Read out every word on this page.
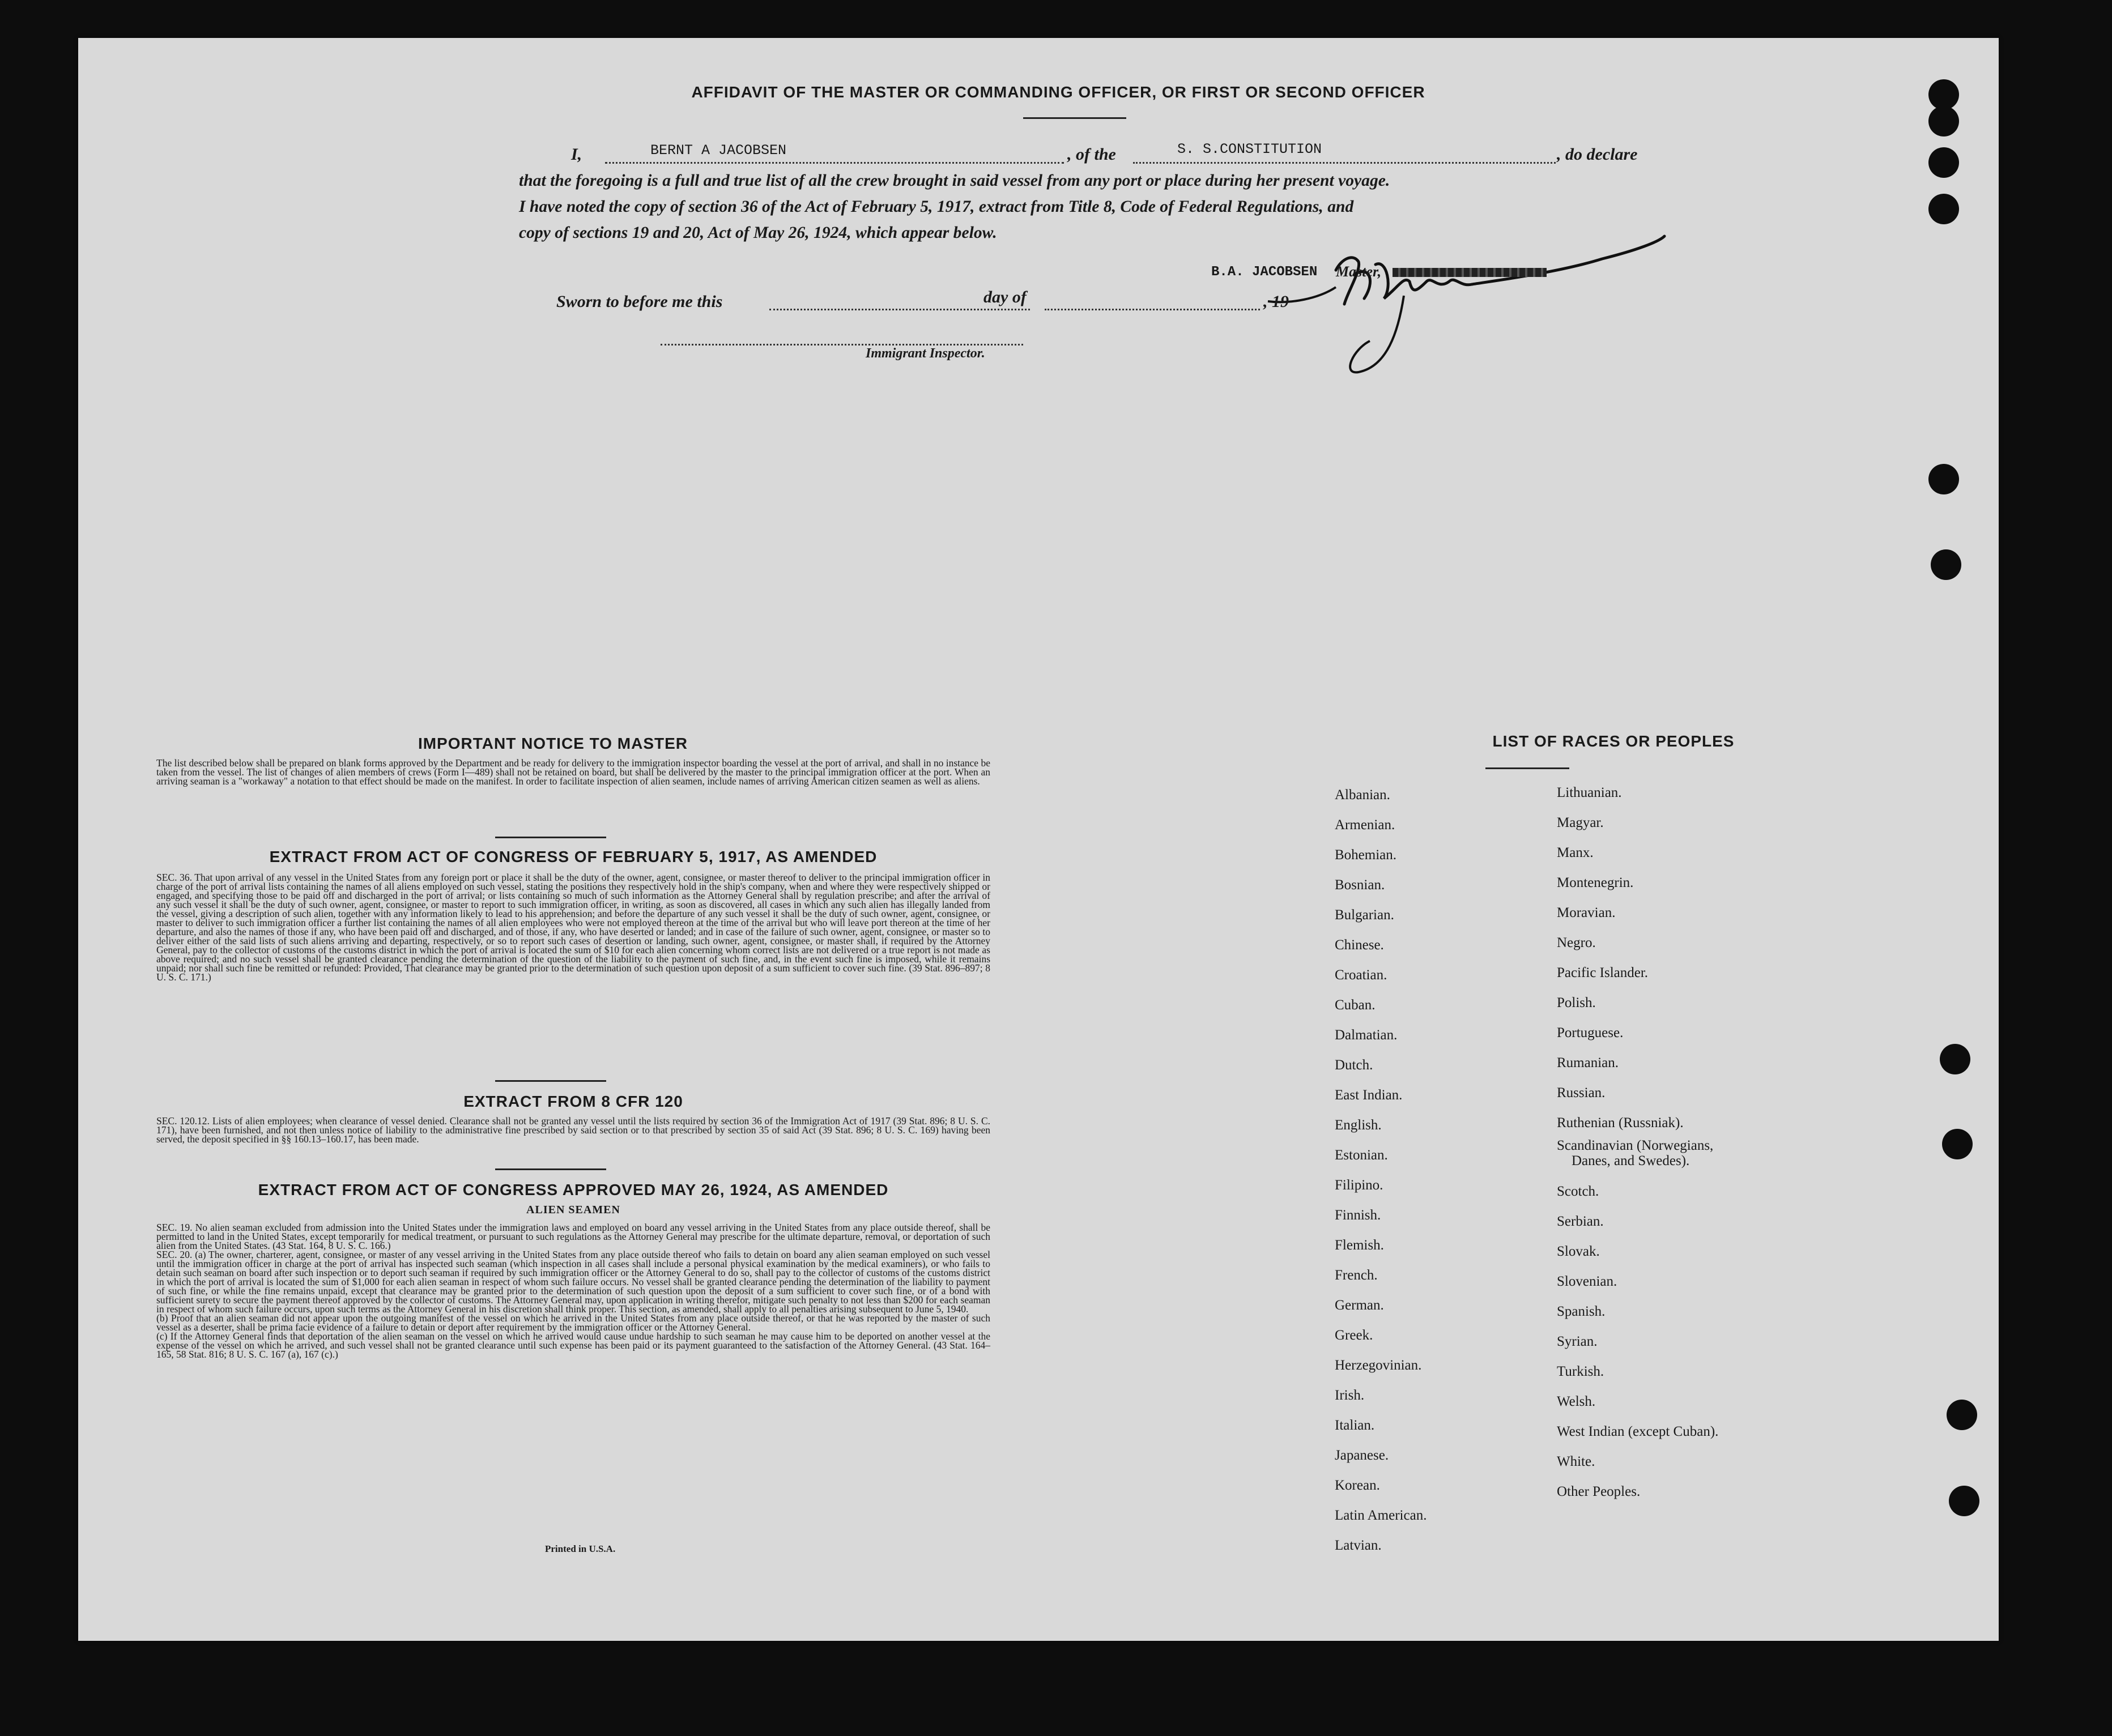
AFFIDAVIT OF THE MASTER OR COMMANDING OFFICER, OR FIRST OR SECOND OFFICER
I,	BERNT A JACOBSEN	, of the	S. S.CONSTITUTION	, do declare
that the foregoing is a full and true list of all the crew brought in said vessel from any port or place during her present voyage.
I have noted the copy of section 36 of the Act of February 5, 1917, extract from Title 8, Code of Federal Regulations, and
copy of sections 19 and 20, Act of May 26, 1924, which appear below.
B.A. JACOBSEN Master,
Sworn to before me this	day of	, 19
Immigrant Inspector.
IMPORTANT NOTICE TO MASTER
The list described below shall be prepared on blank forms approved by the Department and be ready for delivery to the immigration inspector boarding the vessel at the port of arrival, and shall in no instance be taken from the vessel. The list of changes of alien members of crews (Form I—489) shall not be retained on board, but shall be delivered by the master to the principal immigration officer at the port. When an arriving seaman is a "workaway" a notation to that effect should be made on the manifest. In order to facilitate inspection of alien seamen, include names of arriving American citizen seamen as well as aliens.
EXTRACT FROM ACT OF CONGRESS OF FEBRUARY 5, 1917, AS AMENDED
SEC. 36. That upon arrival of any vessel in the United States from any foreign port or place it shall be the duty of the owner, agent, consignee, or master thereof to deliver to the principal immigration officer in charge of the port of arrival lists containing the names of all aliens employed on such vessel, stating the positions they respectively hold in the ship's company, when and where they were respectively shipped or engaged, and specifying those to be paid off and discharged in the port of arrival; or lists containing so much of such information as the Attorney General shall by regulation prescribe; and after the arrival of any such vessel it shall be the duty of such owner, agent, consignee, or master to report to such immigration officer, in writing, as soon as discovered, all cases in which any such alien has illegally landed from the vessel, giving a description of such alien, together with any information likely to lead to his apprehension; and before the departure of any such vessel it shall be the duty of such owner, agent, consignee, or master to deliver to such immigration officer a further list containing the names of all alien employees who were not employed thereon at the time of the arrival but who will leave port thereon at the time of her departure, and also the names of those if any, who have been paid off and discharged, and of those, if any, who have deserted or landed; and in case of the failure of such owner, agent, consignee, or master so to deliver either of the said lists of such aliens arriving and departing, respectively, or so to report such cases of desertion or landing, such owner, agent, consignee, or master shall, if required by the Attorney General, pay to the collector of customs of the customs district in which the port of arrival is located the sum of $10 for each alien concerning whom correct lists are not delivered or a true report is not made as above required; and no such vessel shall be granted clearance pending the determination of the question of the liability to the payment of such fine, and, in the event such fine is imposed, while it remains unpaid; nor shall such fine be remitted or refunded: Provided, That clearance may be granted prior to the determination of such question upon deposit of a sum sufficient to cover such fine. (39 Stat. 896–897; 8 U. S. C. 171.)
EXTRACT FROM 8 CFR 120
SEC. 120.12. Lists of alien employees; when clearance of vessel denied. Clearance shall not be granted any vessel until the lists required by section 36 of the Immigration Act of 1917 (39 Stat. 896; 8 U. S. C. 171), have been furnished, and not then unless notice of liability to the administrative fine prescribed by said section or to that prescribed by section 35 of said Act (39 Stat. 896; 8 U. S. C. 169) having been served, the deposit specified in §§ 160.13–160.17, has been made.
EXTRACT FROM ACT OF CONGRESS APPROVED MAY 26, 1924, AS AMENDED
ALIEN SEAMEN

SEC. 19. No alien seaman excluded from admission into the United States under the immigration laws and employed on board any vessel arriving in the United States from any place outside thereof, shall be permitted to land in the United States, except temporarily for medical treatment, or pursuant to such regulations as the Attorney General may prescribe for the ultimate departure, removal, or deportation of such alien from the United States. (43 Stat. 164, 8 U. S. C. 166.)

SEC. 20. (a) The owner, charterer, agent, consignee, or master of any vessel arriving in the United States from any place outside thereof who fails to detain on board any alien seaman employed on such vessel until the immigration officer in charge at the port of arrival has inspected such seaman (which inspection in all cases shall include a personal physical examination by the medical examiners), or who fails to detain such seaman on board after such inspection or to deport such seaman if required by such immigration officer or the Attorney General to do so, shall pay to the collector of customs of the customs district in which the port of arrival is located the sum of $1,000 for each alien seaman in respect of whom such failure occurs. No vessel shall be granted clearance pending the determination of the liability to payment of such fine, or while the fine remains unpaid, except that clearance may be granted prior to the determination of such question upon the deposit of a sum sufficient to cover such fine, or of a bond with sufficient surety to secure the payment thereof approved by the collector of customs. The Attorney General may, upon application in writing therefor, mitigate such penalty to not less than $200 for each seaman in respect of whom such failure occurs, upon such terms as the Attorney General in his discretion shall think proper. This section, as amended, shall apply to all penalties arising subsequent to June 5, 1940.

(b) Proof that an alien seaman did not appear upon the outgoing manifest of the vessel on which he arrived in the United States from any place outside thereof, or that he was reported by the master of such vessel as a deserter, shall be prima facie evidence of a failure to detain or deport after requirement by the immigration officer or the Attorney General.

(c) If the Attorney General finds that deportation of the alien seaman on the vessel on which he arrived would cause undue hardship to such seaman he may cause him to be deported on another vessel at the expense of the vessel on which he arrived, and such vessel shall not be granted clearance until such expense has been paid or its payment guaranteed to the satisfaction of the Attorney General. (43 Stat. 164–165, 58 Stat. 816; 8 U. S. C. 167 (a), 167 (c).)

Printed in U.S.A.
LIST OF RACES OR PEOPLES
Albanian.
Armenian.
Bohemian.
Bosnian.
Bulgarian.
Chinese.
Croatian.
Cuban.
Dalmatian.
Dutch.
East Indian.
English.
Estonian.
Filipino.
Finnish.
Flemish.
French.
German.
Greek.
Herzegovinian.
Irish.
Italian.
Japanese.
Korean.
Latin American.
Latvian.
Lithuanian.
Magyar.
Manx.
Montenegrin.
Moravian.
Negro.
Pacific Islander.
Polish.
Portuguese.
Rumanian.
Russian.
Ruthenian (Russniak).
Scandinavian (Norwegians,
Danes, and Swedes).
Scotch.
Serbian.
Slovak.
Slovenian.
Spanish.
Syrian.
Turkish.
Welsh.
West Indian (except Cuban).
White.
Other Peoples.
